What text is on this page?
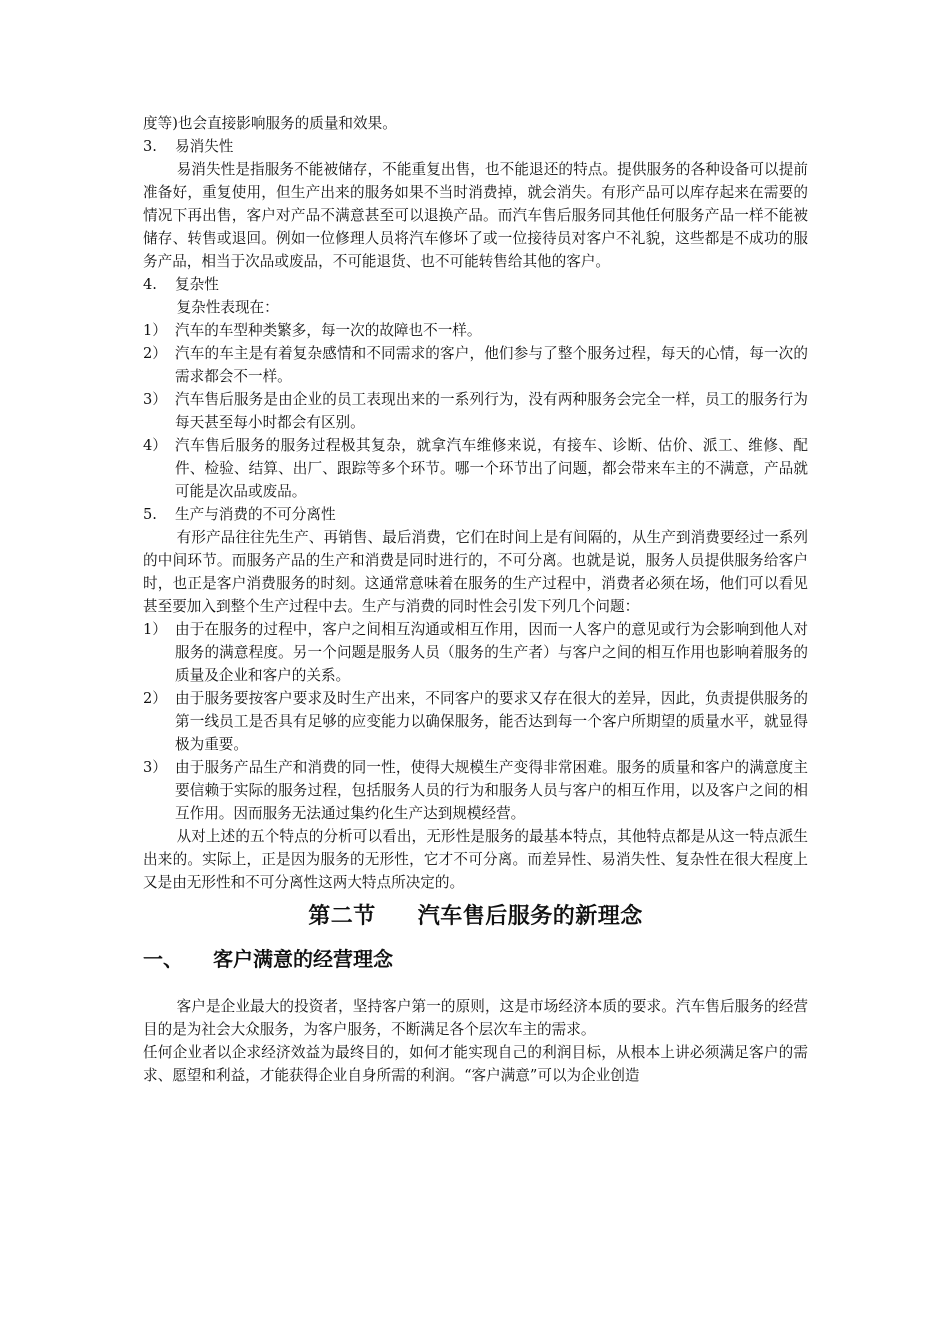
度等)也会直接影响服务的质量和效果。

3. 易消失性

易消失性是指服务不能被储存，不能重复出售，也不能退还的特点。提供服务的各种设备可以提前准备好，重复使用，但生产出来的服务如果不当时消费掉，就会消失。有形产品可以库存起来在需要的情况下再出售，客户对产品不满意甚至可以退换产品。而汽车售后服务同其他任何服务产品一样不能被储存、转售或退回。例如一位修理人员将汽车修坏了或一位接待员对客户不礼貌，这些都是不成功的服务产品，相当于次品或废品，不可能退货、也不可能转售给其他的客户。

4. 复杂性

复杂性表现在：

1） 汽车的车型种类繁多，每一次的故障也不一样。

2） 汽车的车主是有着复杂感情和不同需求的客户，他们参与了整个服务过程，每天的心情，每一次的需求都会不一样。

3） 汽车售后服务是由企业的员工表现出来的一系列行为，没有两种服务会完全一样，员工的服务行为每天甚至每小时都会有区别。

4） 汽车售后服务的服务过程极其复杂，就拿汽车维修来说，有接车、诊断、估价、派工、维修、配件、检验、结算、出厂、跟踪等多个环节。哪一个环节出了问题，都会带来车主的不满意，产品就可能是次品或废品。

5. 生产与消费的不可分离性

有形产品往往先生产、再销售、最后消费，它们在时间上是有间隔的，从生产到消费要经过一系列的中间环节。而服务产品的生产和消费是同时进行的，不可分离。也就是说，服务人员提供服务给客户时，也正是客户消费服务的时刻。这通常意味着在服务的生产过程中，消费者必须在场，他们可以看见甚至要加入到整个生产过程中去。生产与消费的同时性会引发下列几个问题：

1） 由于在服务的过程中，客户之间相互沟通或相互作用，因而一人客户的意见或行为会影响到他人对服务的满意程度。另一个问题是服务人员（服务的生产者）与客户之间的相互作用也影响着服务的质量及企业和客户的关系。

2） 由于服务要按客户要求及时生产出来，不同客户的要求又存在很大的差异，因此，负责提供服务的第一线员工是否具有足够的应变能力以确保服务，能否达到每一个客户所期望的质量水平，就显得极为重要。

3） 由于服务产品生产和消费的同一性，使得大规模生产变得非常困难。服务的质量和客户的满意度主要信赖于实际的服务过程，包括服务人员的行为和服务人员与客户的相互作用，以及客户之间的相互作用。因而服务无法通过集约化生产达到规模经营。

从对上述的五个特点的分析可以看出，无形性是服务的最基本特点，其他特点都是从这一特点派生出来的。实际上，正是因为服务的无形性，它才不可分离。而差异性、易消失性、复杂性在很大程度上又是由无形性和不可分离性这两大特点所决定的。

第二节 汽车售后服务的新理念
一、 客户满意的经营理念

客户是企业最大的投资者，坚持客户第一的原则，这是市场经济本质的要求。汽车售后服务的经营目的是为社会大众服务，为客户服务，不断满足各个层次车主的需求。

任何企业者以企求经济效益为最终目的，如何才能实现自己的利润目标，从根本上讲必须满足客户的需求、愿望和利益，才能获得企业自身所需的利润。“客户满意”可以为企业创造
